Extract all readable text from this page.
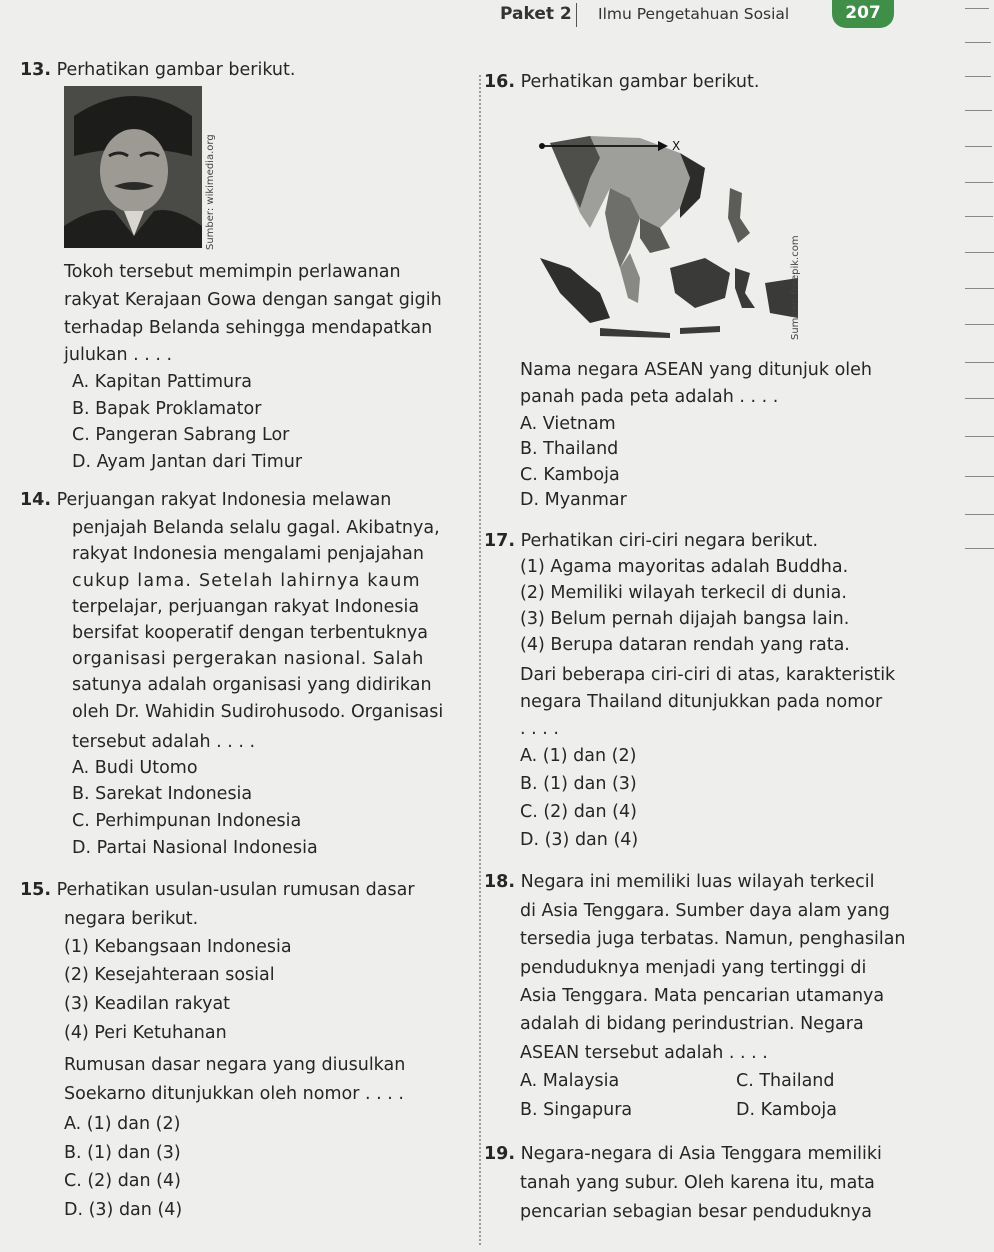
Paket 2 Ilmu Pengetahuan Sosial	207
13. Perhatikan gambar berikut.
Sumber: wikimedia.org
Tokoh tersebut memimpin perlawanan
rakyat Kerajaan Gowa dengan sangat gigih
terhadap Belanda sehingga mendapatkan
julukan . . . .
A. Kapitan Pattimura
B. Bapak Proklamator
C. Pangeran Sabrang Lor
D. Ayam Jantan dari Timur
14. Perjuangan rakyat Indonesia melawan
penjajah Belanda selalu gagal. Akibatnya,
rakyat Indonesia mengalami penjajahan
cukup lama. Setelah lahirnya kaum
terpelajar, perjuangan rakyat Indonesia
bersifat kooperatif dengan terbentuknya
organisasi pergerakan nasional. Salah
satunya adalah organisasi yang didirikan
oleh Dr. Wahidin Sudirohusodo. Organisasi
tersebut adalah . . . .
A. Budi Utomo
B. Sarekat Indonesia
C. Perhimpunan Indonesia
D. Partai Nasional Indonesia
15. Perhatikan usulan-usulan rumusan dasar
negara berikut.
(1) Kebangsaan Indonesia
(2) Kesejahteraan sosial
(3) Keadilan rakyat
(4) Peri Ketuhanan
Rumusan dasar negara yang diusulkan
Soekarno ditunjukkan oleh nomor . . . .
A. (1) dan (2)
B. (1) dan (3)
C. (2) dan (4)
D. (3) dan (4)
16. Perhatikan gambar berikut.
X
Sumber: freepik.com
Nama negara ASEAN yang ditunjuk oleh
panah pada peta adalah . . . .
A. Vietnam
B. Thailand
C. Kamboja
D. Myanmar
17. Perhatikan ciri-ciri negara berikut.
(1) Agama mayoritas adalah Buddha.
(2) Memiliki wilayah terkecil di dunia.
(3) Belum pernah dijajah bangsa lain.
(4) Berupa dataran rendah yang rata.
Dari beberapa ciri-ciri di atas, karakteristik
negara Thailand ditunjukkan pada nomor
. . . .
A. (1) dan (2)
B. (1) dan (3)
C. (2) dan (4)
D. (3) dan (4)
18. Negara ini memiliki luas wilayah terkecil
di Asia Tenggara. Sumber daya alam yang
tersedia juga terbatas. Namun, penghasilan
penduduknya menjadi yang tertinggi di
Asia Tenggara. Mata pencarian utamanya
adalah di bidang perindustrian. Negara
ASEAN tersebut adalah . . . .
A. Malaysia	C. Thailand
B. Singapura	D. Kamboja
19. Negara-negara di Asia Tenggara memiliki
tanah yang subur. Oleh karena itu, mata
pencarian sebagian besar penduduknya
